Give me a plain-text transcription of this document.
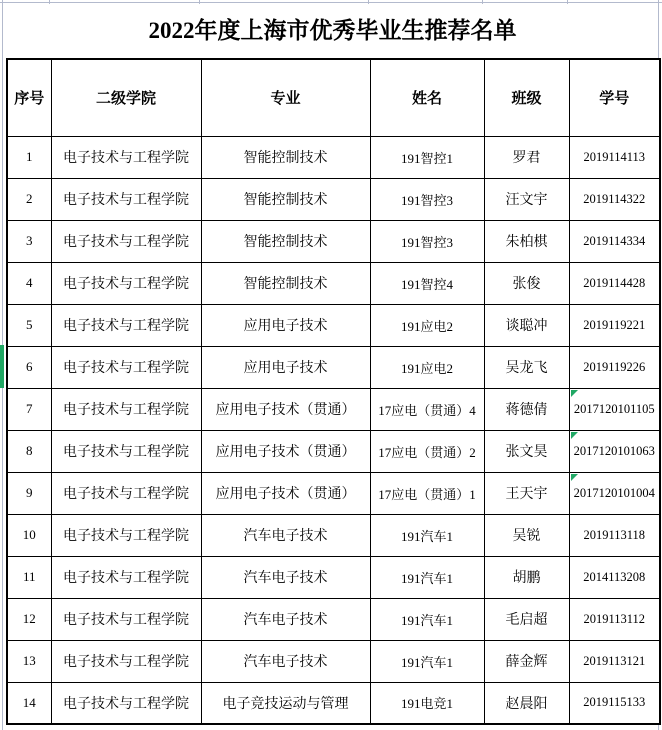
2022年度上海市优秀毕业生推荐名单
序号	二级学院	专业	姓名	班级	学号
1	电子技术与工程学院	智能控制技术	191智控1	罗君	2019114113
2	电子技术与工程学院	智能控制技术	191智控3	汪文宇	2019114322
3	电子技术与工程学院	智能控制技术	191智控3	朱柏棋	2019114334
4	电子技术与工程学院	智能控制技术	191智控4	张俊	2019114428
5	电子技术与工程学院	应用电子技术	191应电2	谈聪冲	2019119221
6	电子技术与工程学院	应用电子技术	191应电2	吴龙飞	2019119226
7	电子技术与工程学院	应用电子技术（贯通）	17应电（贯通）4	蒋德倩	2017120101105
8	电子技术与工程学院	应用电子技术（贯通）	17应电（贯通）2	张文昊	2017120101063
9	电子技术与工程学院	应用电子技术（贯通）	17应电（贯通）1	王天宇	2017120101004
10	电子技术与工程学院	汽车电子技术	191汽车1	吴锐	2019113118
11	电子技术与工程学院	汽车电子技术	191汽车1	胡鹏	2014113208
12	电子技术与工程学院	汽车电子技术	191汽车1	毛启超	2019113112
13	电子技术与工程学院	汽车电子技术	191汽车1	薛金辉	2019113121
14	电子技术与工程学院	电子竞技运动与管理	191电竞1	赵晨阳	2019115133
